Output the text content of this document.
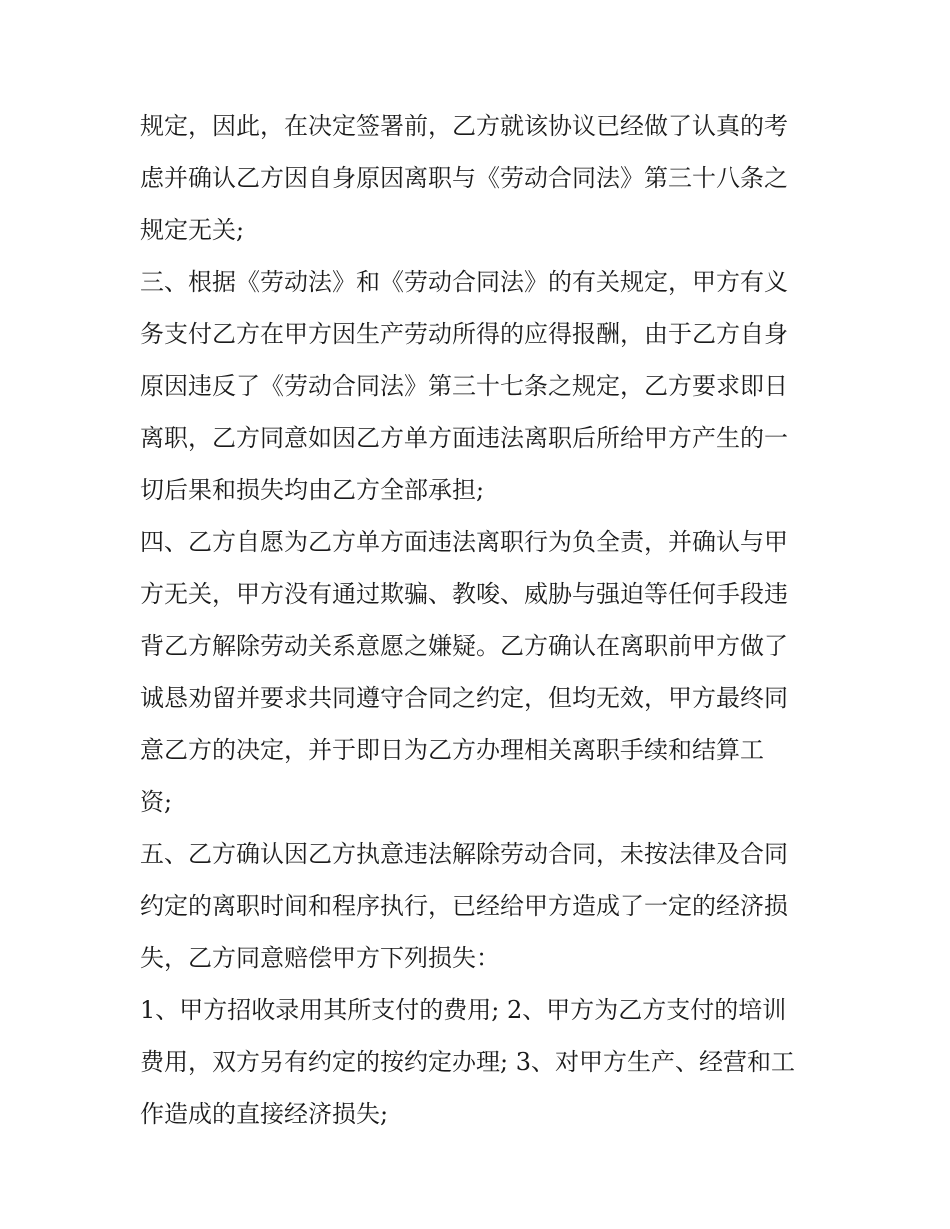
规定，因此，在决定签署前，乙方就该协议已经做了认真的考
虑并确认乙方因自身原因离职与《劳动合同法》第三十八条之
规定无关;
三、根据《劳动法》和《劳动合同法》的有关规定，甲方有义
务支付乙方在甲方因生产劳动所得的应得报酬，由于乙方自身
原因违反了《劳动合同法》第三十七条之规定，乙方要求即日
离职，乙方同意如因乙方单方面违法离职后所给甲方产生的一
切后果和损失均由乙方全部承担;
四、乙方自愿为乙方单方面违法离职行为负全责，并确认与甲
方无关，甲方没有通过欺骗、教唆、威胁与强迫等任何手段违
背乙方解除劳动关系意愿之嫌疑。乙方确认在离职前甲方做了
诚恳劝留并要求共同遵守合同之约定，但均无效，甲方最终同
意乙方的决定，并于即日为乙方办理相关离职手续和结算工
资;
五、乙方确认因乙方执意违法解除劳动合同，未按法律及合同
约定的离职时间和程序执行，已经给甲方造成了一定的经济损
失，乙方同意赔偿甲方下列损失：
1、甲方招收录用其所支付的费用; 2、甲方为乙方支付的培训
费用，双方另有约定的按约定办理; 3、对甲方生产、经营和工
作造成的直接经济损失;
